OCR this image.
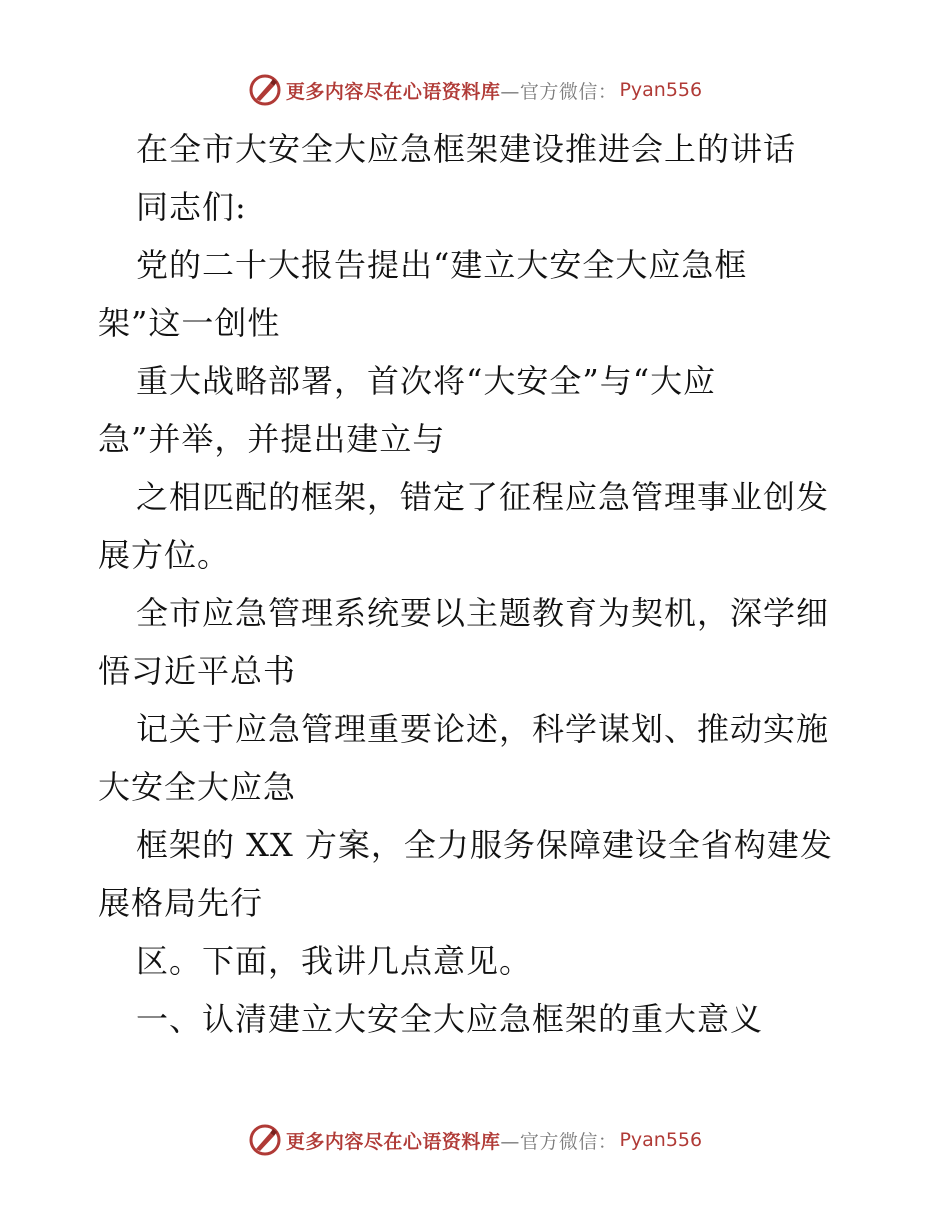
更多内容尽在心语资料库 —官方微信： Pyan556
在全市大安全大应急框架建设推进会上的讲话
同志们:
党的二十大报告提出“建立大安全大应急框
架”这一创性
重大战略部署，首次将“大安全”与“大应
急”并举，并提出建立与
之相匹配的框架，错定了征程应急管理事业创发
展方位。
全市应急管理系统要以主题教育为契机，深学细
悟习近平总书
记关于应急管理重要论述，科学谋划、推动实施
大安全大应急
框架的 XX 方案，全力服务保障建设全省构建发
展格局先行
区。下面，我讲几点意见。
一、认清建立大安全大应急框架的重大意义
更多内容尽在心语资料库 —官方微信： Pyan556
